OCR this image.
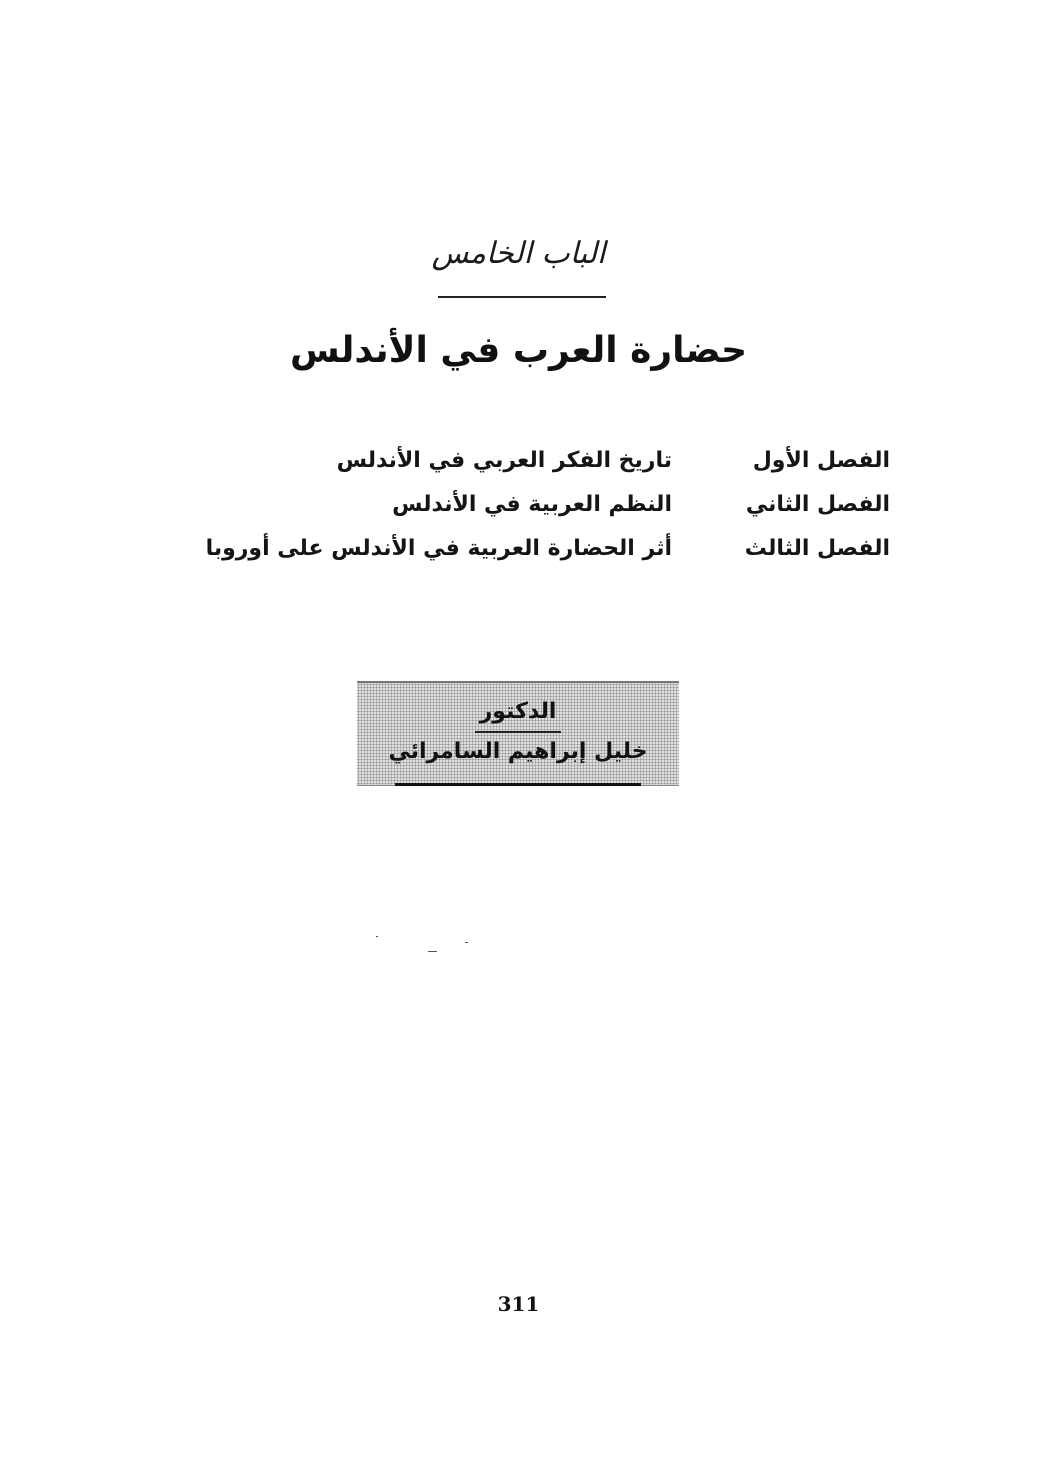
الباب الخامس
حضارة العرب في الأندلس
الفصل الأول
تاريخ الفكر العربي في الأندلس
الفصل الثاني
النظم العربية في الأندلس
الفصل الثالث
أثر الحضارة العربية في الأندلس على أوروبا
الدكتور
خليل إبراهيم السامرائي
311
